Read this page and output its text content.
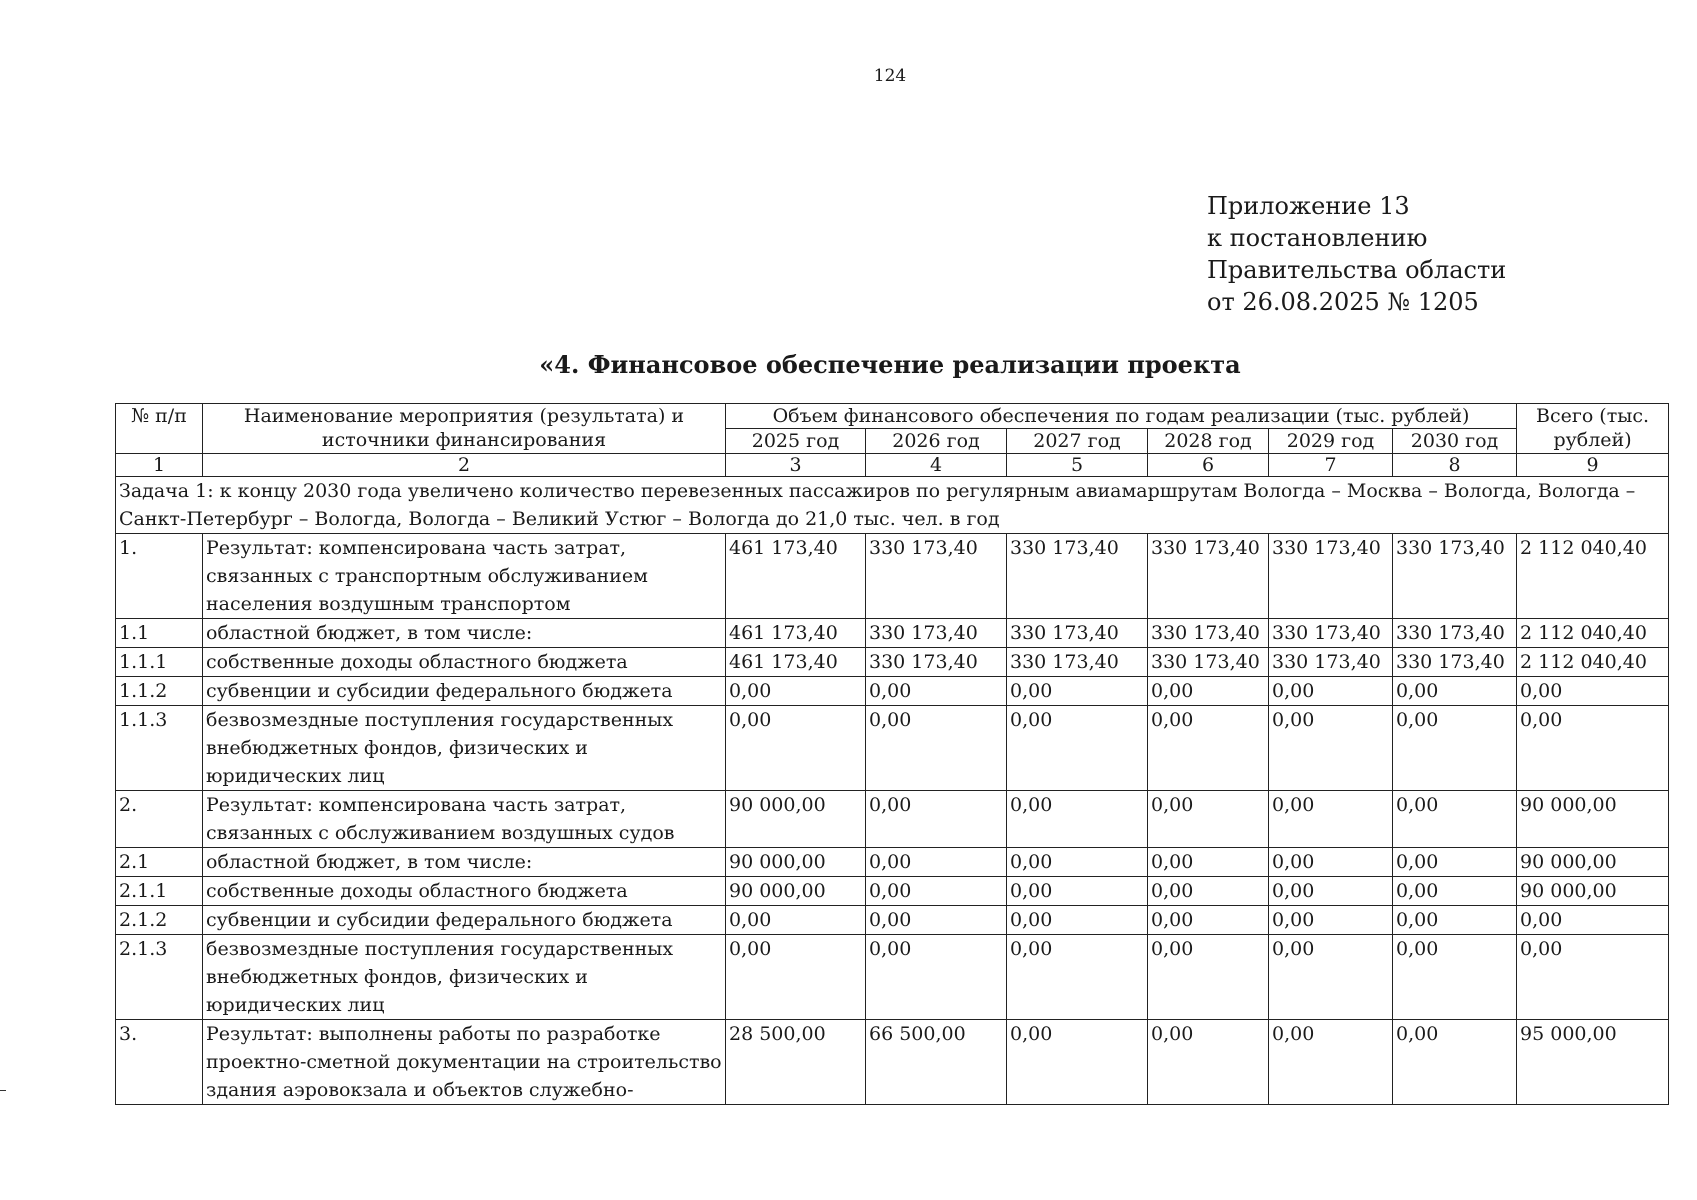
124
Приложение 13
к постановлению
Правительства области
от 26.08.2025 № 1205
«4. Финансовое обеспечение реализации проекта
№ п/п	Наименование мероприятия (результата) и источники финансирования	Объем финансового обеспечения по годам реализации (тыс. рублей)						Всего (тыс. рублей)
		2025 год	2026 год	2027 год	2028 год	2029 год	2030 год	
1	2	3	4	5	6	7	8	9
Задача 1: к концу 2030 года увеличено количество перевезенных пассажиров по регулярным авиамаршрутам Вологда – Москва – Вологда, Вологда – Санкт-Петербург – Вологда, Вологда – Великий Устюг – Вологда до 21,0 тыс. чел. в год								
1.	Результат: компенсирована часть затрат, связанных с транспортным обслуживанием населения воздушным транспортом	461 173,40	330 173,40	330 173,40	330 173,40	330 173,40	330 173,40	2 112 040,40
1.1	областной бюджет, в том числе:	461 173,40	330 173,40	330 173,40	330 173,40	330 173,40	330 173,40	2 112 040,40
1.1.1	собственные доходы областного бюджета	461 173,40	330 173,40	330 173,40	330 173,40	330 173,40	330 173,40	2 112 040,40
1.1.2	субвенции и субсидии федерального бюджета	0,00	0,00	0,00	0,00	0,00	0,00	0,00
1.1.3	безвозмездные поступления государственных внебюджетных фондов, физических и юридических лиц	0,00	0,00	0,00	0,00	0,00	0,00	0,00
2.	Результат: компенсирована часть затрат, связанных с обслуживанием воздушных судов	90 000,00	0,00	0,00	0,00	0,00	0,00	90 000,00
2.1	областной бюджет, в том числе:	90 000,00	0,00	0,00	0,00	0,00	0,00	90 000,00
2.1.1	собственные доходы областного бюджета	90 000,00	0,00	0,00	0,00	0,00	0,00	90 000,00
2.1.2	субвенции и субсидии федерального бюджета	0,00	0,00	0,00	0,00	0,00	0,00	0,00
2.1.3	безвозмездные поступления государственных внебюджетных фондов, физических и юридических лиц	0,00	0,00	0,00	0,00	0,00	0,00	0,00
3.	Результат: выполнены работы по разработке проектно-сметной документации на строительство здания аэровокзала и объектов служебно-	28 500,00	66 500,00	0,00	0,00	0,00	0,00	95 000,00
